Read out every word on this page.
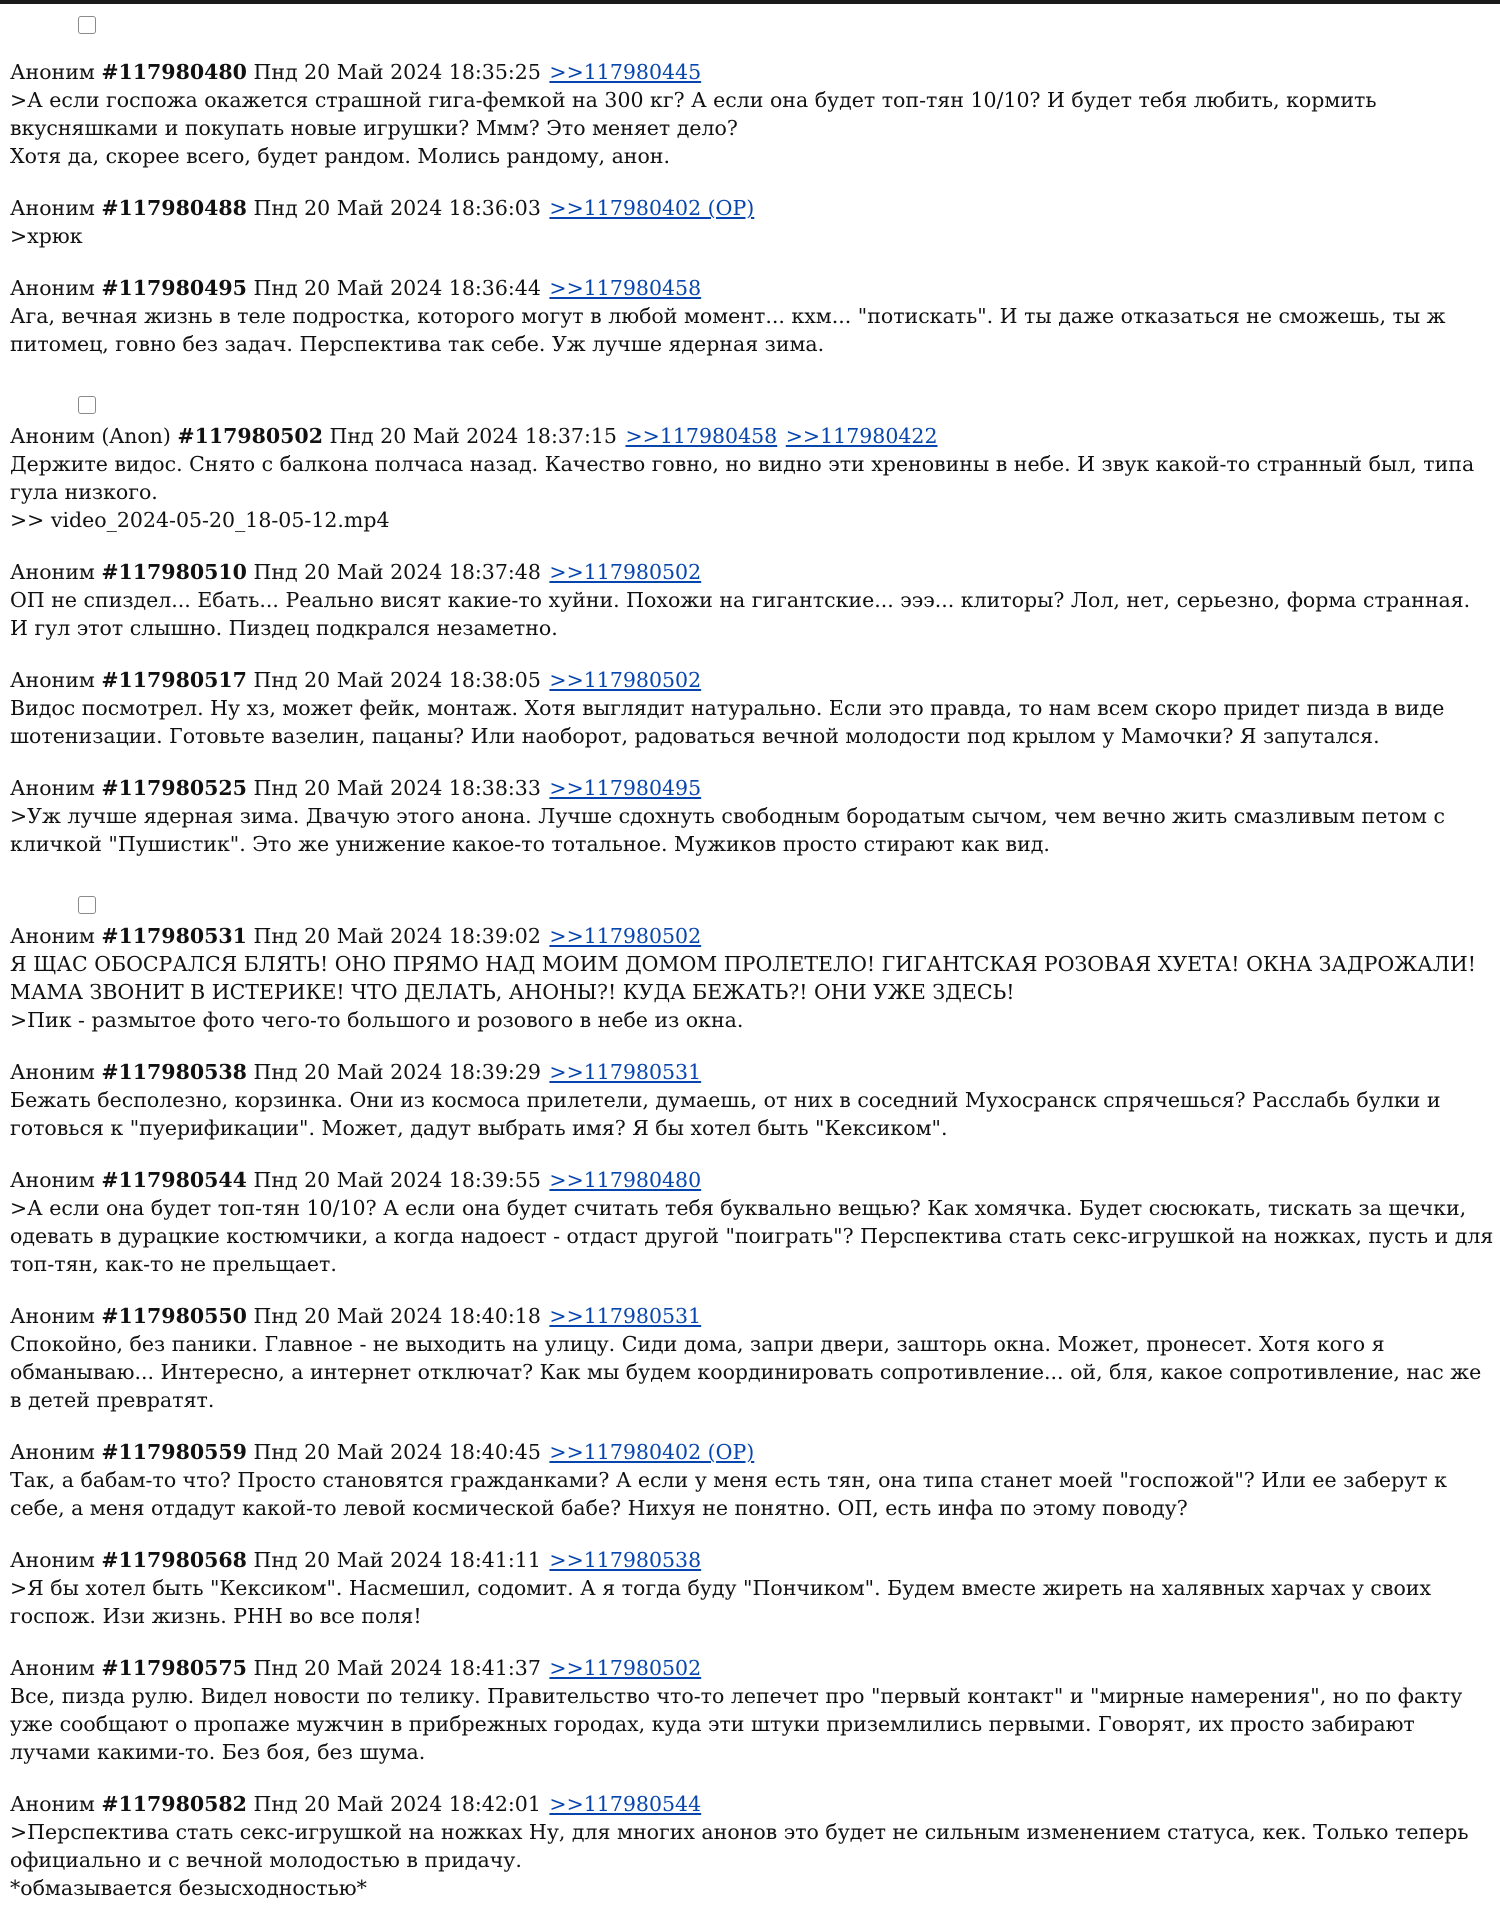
Аноним #117980480 Пнд 20 Май 2024 18:35:25 >>117980445
>А если госпожа окажется страшной гига-фемкой на 300 кг? А если она будет топ-тян 10/10? И будет тебя любить, кормить вкусняшками и покупать новые игрушки? Ммм? Это меняет дело?
Хотя да, скорее всего, будет рандом. Молись рандому, анон.
Аноним #117980488 Пнд 20 Май 2024 18:36:03 >>117980402 (OP)
>хрюк
Аноним #117980495 Пнд 20 Май 2024 18:36:44 >>117980458
Ага, вечная жизнь в теле подростка, которого могут в любой момент... кхм... "потискать". И ты даже отказаться не сможешь, ты ж питомец, говно без задач. Перспектива так себе. Уж лучше ядерная зима.
Аноним (Anon) #117980502 Пнд 20 Май 2024 18:37:15 >>117980458 >>117980422
Держите видос. Снято с балкона полчаса назад. Качество говно, но видно эти хреновины в небе. И звук какой-то странный был, типа гула низкого.
>> video_2024-05-20_18-05-12.mp4
Аноним #117980510 Пнд 20 Май 2024 18:37:48 >>117980502
ОП не спиздел... Ебать... Реально висят какие-то хуйни. Похожи на гигантские... эээ... клиторы? Лол, нет, серьезно, форма странная. И гул этот слышно. Пиздец подкрался незаметно.
Аноним #117980517 Пнд 20 Май 2024 18:38:05 >>117980502
Видос посмотрел. Ну хз, может фейк, монтаж. Хотя выглядит натурально. Если это правда, то нам всем скоро придет пизда в виде шотенизации. Готовьте вазелин, пацаны? Или наоборот, радоваться вечной молодости под крылом у Мамочки? Я запутался.
Аноним #117980525 Пнд 20 Май 2024 18:38:33 >>117980495
>Уж лучше ядерная зима. Двачую этого анона. Лучше сдохнуть свободным бородатым сычом, чем вечно жить смазливым петом с кличкой "Пушистик". Это же унижение какое-то тотальное. Мужиков просто стирают как вид.
Аноним #117980531 Пнд 20 Май 2024 18:39:02 >>117980502
Я ЩАС ОБОСРАЛСЯ БЛЯТЬ! ОНО ПРЯМО НАД МОИМ ДОМОМ ПРОЛЕТЕЛО! ГИГАНТСКАЯ РОЗОВАЯ ХУЕТА! ОКНА ЗАДРОЖАЛИ! МАМА ЗВОНИТ В ИСТЕРИКЕ! ЧТО ДЕЛАТЬ, АНОНЫ?! КУДА БЕЖАТЬ?! ОНИ УЖЕ ЗДЕСЬ!
>Пик - размытое фото чего-то большого и розового в небе из окна.
Аноним #117980538 Пнд 20 Май 2024 18:39:29 >>117980531
Бежать бесполезно, корзинка. Они из космоса прилетели, думаешь, от них в соседний Мухосранск спрячешься? Расслабь булки и готовься к "пуерификации". Может, дадут выбрать имя? Я бы хотел быть "Кексиком".
Аноним #117980544 Пнд 20 Май 2024 18:39:55 >>117980480
>А если она будет топ-тян 10/10? А если она будет считать тебя буквально вещью? Как хомячка. Будет сюсюкать, тискать за щечки, одевать в дурацкие костюмчики, а когда надоест - отдаст другой "поиграть"? Перспектива стать секс-игрушкой на ножках, пусть и для топ-тян, как-то не прельщает.
Аноним #117980550 Пнд 20 Май 2024 18:40:18 >>117980531
Спокойно, без паники. Главное - не выходить на улицу. Сиди дома, запри двери, зашторь окна. Может, пронесет. Хотя кого я обманываю... Интересно, а интернет отключат? Как мы будем координировать сопротивление... ой, бля, какое сопротивление, нас же в детей превратят.
Аноним #117980559 Пнд 20 Май 2024 18:40:45 >>117980402 (OP)
Так, а бабам-то что? Просто становятся гражданками? А если у меня есть тян, она типа станет моей "госпожой"? Или ее заберут к себе, а меня отдадут какой-то левой космической бабе? Нихуя не понятно. ОП, есть инфа по этому поводу?
Аноним #117980568 Пнд 20 Май 2024 18:41:11 >>117980538
>Я бы хотел быть "Кексиком". Насмешил, содомит. А я тогда буду "Пончиком". Будем вместе жиреть на халявных харчах у своих госпож. Изи жизнь. РНН во все поля!
Аноним #117980575 Пнд 20 Май 2024 18:41:37 >>117980502
Все, пизда рулю. Видел новости по телику. Правительство что-то лепечет про "первый контакт" и "мирные намерения", но по факту уже сообщают о пропаже мужчин в прибрежных городах, куда эти штуки приземлились первыми. Говорят, их просто забирают лучами какими-то. Без боя, без шума.
Аноним #117980582 Пнд 20 Май 2024 18:42:01 >>117980544
>Перспектива стать секс-игрушкой на ножках Ну, для многих анонов это будет не сильным изменением статуса, кек. Только теперь официально и с вечной молодостью в придачу.
*обмазывается безысходностью*
